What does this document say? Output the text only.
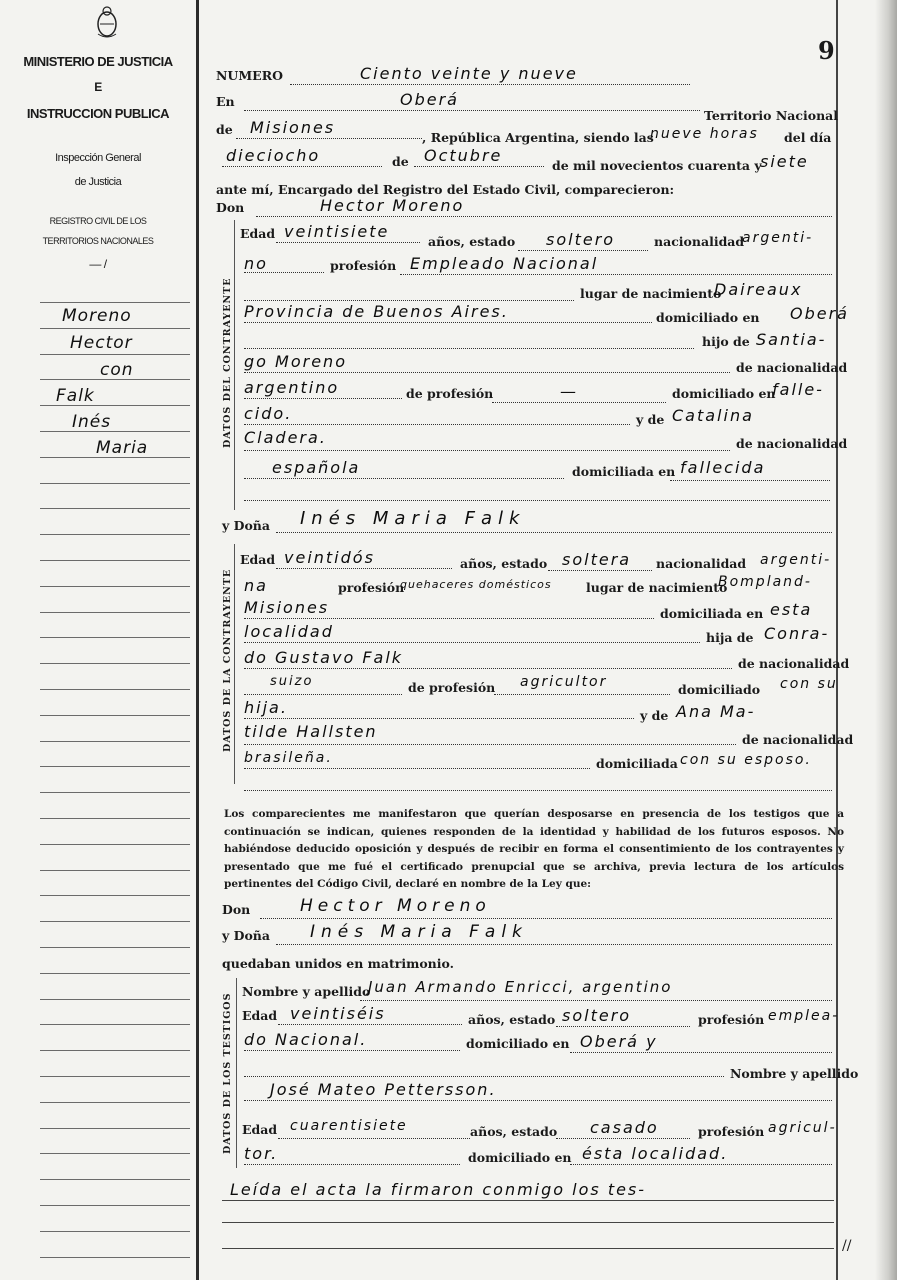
MINISTERIO DE JUSTICIA
E
INSTRUCCION PUBLICA
Inspección General
de Justicia
REGISTRO CIVIL DE LOS
TERRITORIOS NACIONALES
— /
Moreno
Hector
con
Falk
Inés
Maria
9
NUMERO	Ciento veinte y nueve
En	Oberá
Territorio Nacional
de Misiones
, República Argentina, siendo las
nueve horas del día
dieciocho	de Octubre
de mil novecientos cuarenta y
siete
ante mí, Encargado del Registro del Estado Civil, comparecieron:
Don	Hector Moreno
DATOS DEL CONTRAYENTE
Edad veintisiete
años, estado soltero	nacionalidad
argenti-
no	profesión Empleado Nacional
lugar de nacimiento
Daireaux
Provincia de Buenos Aires.	domiciliado en Oberá
hijo de Santia-
go Moreno	de nacionalidad
argentino	de profesión	—	domiciliado en
falle-
cido.	y de Catalina
Cladera.	de nacionalidad
española	domiciliada en fallecida
y Doña Inés Maria Falk
DATOS DE LA CONTRAYENTE
Edad veintidós	años, estado soltera nacionalidad argenti-
na	profesión
quehaceres domésticos	lugar de nacimiento
Bompland-
Misiones	domiciliada en esta
localidad	hija de Conra-
do Gustavo Falk	de nacionalidad
suizo	de profesión agricultor	domiciliado con su
hija.	y de Ana Ma-
tilde Hallsten	de nacionalidad
brasileña.	domiciliada con su esposo.
Los comparecientes me manifestaron que querían desposarse en presencia de los testigos que a continuación se indican, quienes responden de la identidad y habilidad de los futuros esposos. No habiéndose deducido oposición y después de recibir en forma el consentimiento de los contrayentes y presentado que me fué el certificado prenupcial que se archiva, previa lectura de los artículos pertinentes del Código Civil, declaré en nombre de la Ley que:
Don	Hector Moreno
y Doña Inés Maria Falk
quedaban unidos en matrimonio.
DATOS DE LOS TESTIGOS
Nombre y apellido
Juan Armando Enricci, argentino
Edad veintiséis	años, estado soltero	profesión emplea-
do Nacional.	domiciliado en Oberá y
Nombre y apellido
José Mateo Pettersson.
Edad cuarentisiete	años, estado casado	profesión agricul-
tor.	domiciliado en ésta localidad.
Leída el acta la firmaron conmigo los tes-
//
